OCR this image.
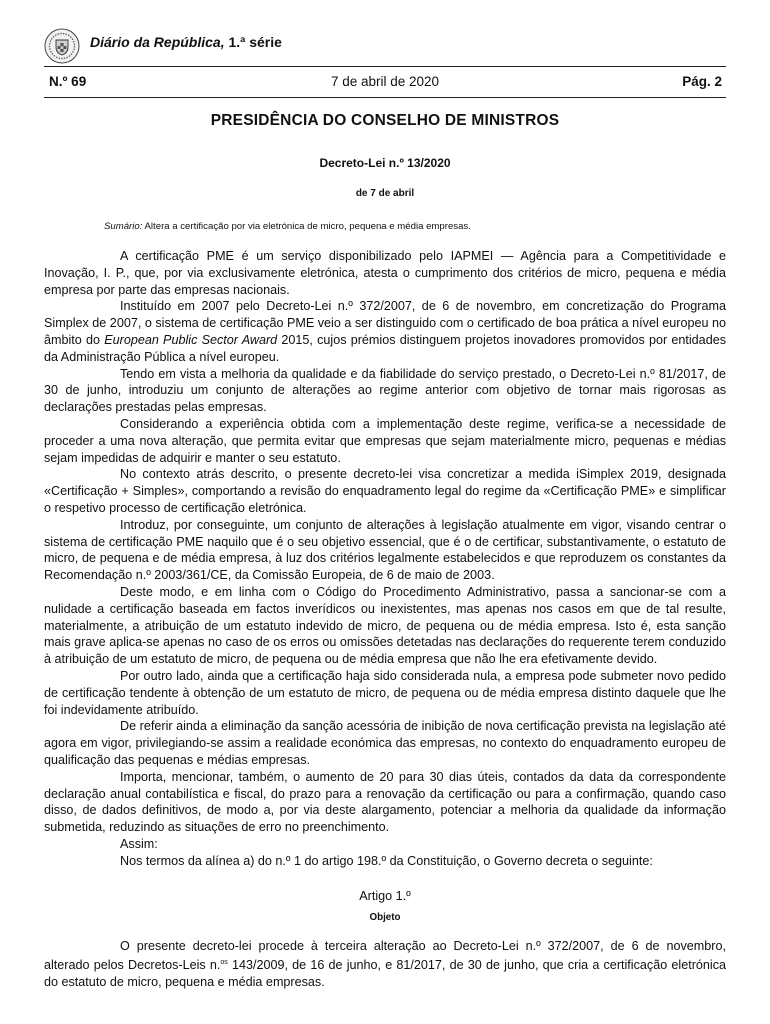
Diário da República, 1.ª série
N.º 69	7 de abril de 2020	Pág. 2
PRESIDÊNCIA DO CONSELHO DE MINISTROS
Decreto-Lei n.º 13/2020
de 7 de abril
Sumário: Altera a certificação por via eletrónica de micro, pequena e média empresas.

A certificação PME é um serviço disponibilizado pelo IAPMEI — Agência para a Competitividade e Inovação, I. P., que, por via exclusivamente eletrónica, atesta o cumprimento dos critérios de micro, pequena e média empresa por parte das empresas nacionais.

Instituído em 2007 pelo Decreto-Lei n.º 372/2007, de 6 de novembro, em concretização do Programa Simplex de 2007, o sistema de certificação PME veio a ser distinguido com o certificado de boa prática a nível europeu no âmbito do European Public Sector Award 2015, cujos prémios distinguem projetos inovadores promovidos por entidades da Administração Pública a nível europeu.

Tendo em vista a melhoria da qualidade e da fiabilidade do serviço prestado, o Decreto-Lei n.º 81/2017, de 30 de junho, introduziu um conjunto de alterações ao regime anterior com objetivo de tornar mais rigorosas as declarações prestadas pelas empresas.

Considerando a experiência obtida com a implementação deste regime, verifica-se a necessidade de proceder a uma nova alteração, que permita evitar que empresas que sejam materialmente micro, pequenas e médias sejam impedidas de adquirir e manter o seu estatuto.

No contexto atrás descrito, o presente decreto-lei visa concretizar a medida iSimplex 2019, designada «Certificação + Simples», comportando a revisão do enquadramento legal do regime da «Certificação PME» e simplificar o respetivo processo de certificação eletrónica.

Introduz, por conseguinte, um conjunto de alterações à legislação atualmente em vigor, visando centrar o sistema de certificação PME naquilo que é o seu objetivo essencial, que é o de certificar, substantivamente, o estatuto de micro, de pequena e de média empresa, à luz dos critérios legalmente estabelecidos e que reproduzem os constantes da Recomendação n.º 2003/361/CE, da Comissão Europeia, de 6 de maio de 2003.

Deste modo, e em linha com o Código do Procedimento Administrativo, passa a sancionar-se com a nulidade a certificação baseada em factos inverídicos ou inexistentes, mas apenas nos casos em que de tal resulte, materialmente, a atribuição de um estatuto indevido de micro, de pequena ou de média empresa. Isto é, esta sanção mais grave aplica-se apenas no caso de os erros ou omissões detetadas nas declarações do requerente terem conduzido à atribuição de um estatuto de micro, de pequena ou de média empresa que não lhe era efetivamente devido.

Por outro lado, ainda que a certificação haja sido considerada nula, a empresa pode submeter novo pedido de certificação tendente à obtenção de um estatuto de micro, de pequena ou de média empresa distinto daquele que lhe foi indevidamente atribuído.

De referir ainda a eliminação da sanção acessória de inibição de nova certificação prevista na legislação até agora em vigor, privilegiando-se assim a realidade económica das empresas, no contexto do enquadramento europeu de qualificação das pequenas e médias empresas.

Importa, mencionar, também, o aumento de 20 para 30 dias úteis, contados da data da correspondente declaração anual contabilística e fiscal, do prazo para a renovação da certificação ou para a confirmação, quando caso disso, de dados definitivos, de modo a, por via deste alargamento, potenciar a melhoria da qualidade da informação submetida, reduzindo as situações de erro no preenchimento.

Assim:

Nos termos da alínea a) do n.º 1 do artigo 198.º da Constituição, o Governo decreta o seguinte:

Artigo 1.º
Objeto

O presente decreto-lei procede à terceira alteração ao Decreto-Lei n.º 372/2007, de 6 de novembro, alterado pelos Decretos-Leis n.$^{os}$ 143/2009, de 16 de junho, e 81/2017, de 30 de junho, que cria a certificação eletrónica do estatuto de micro, pequena e média empresas.
